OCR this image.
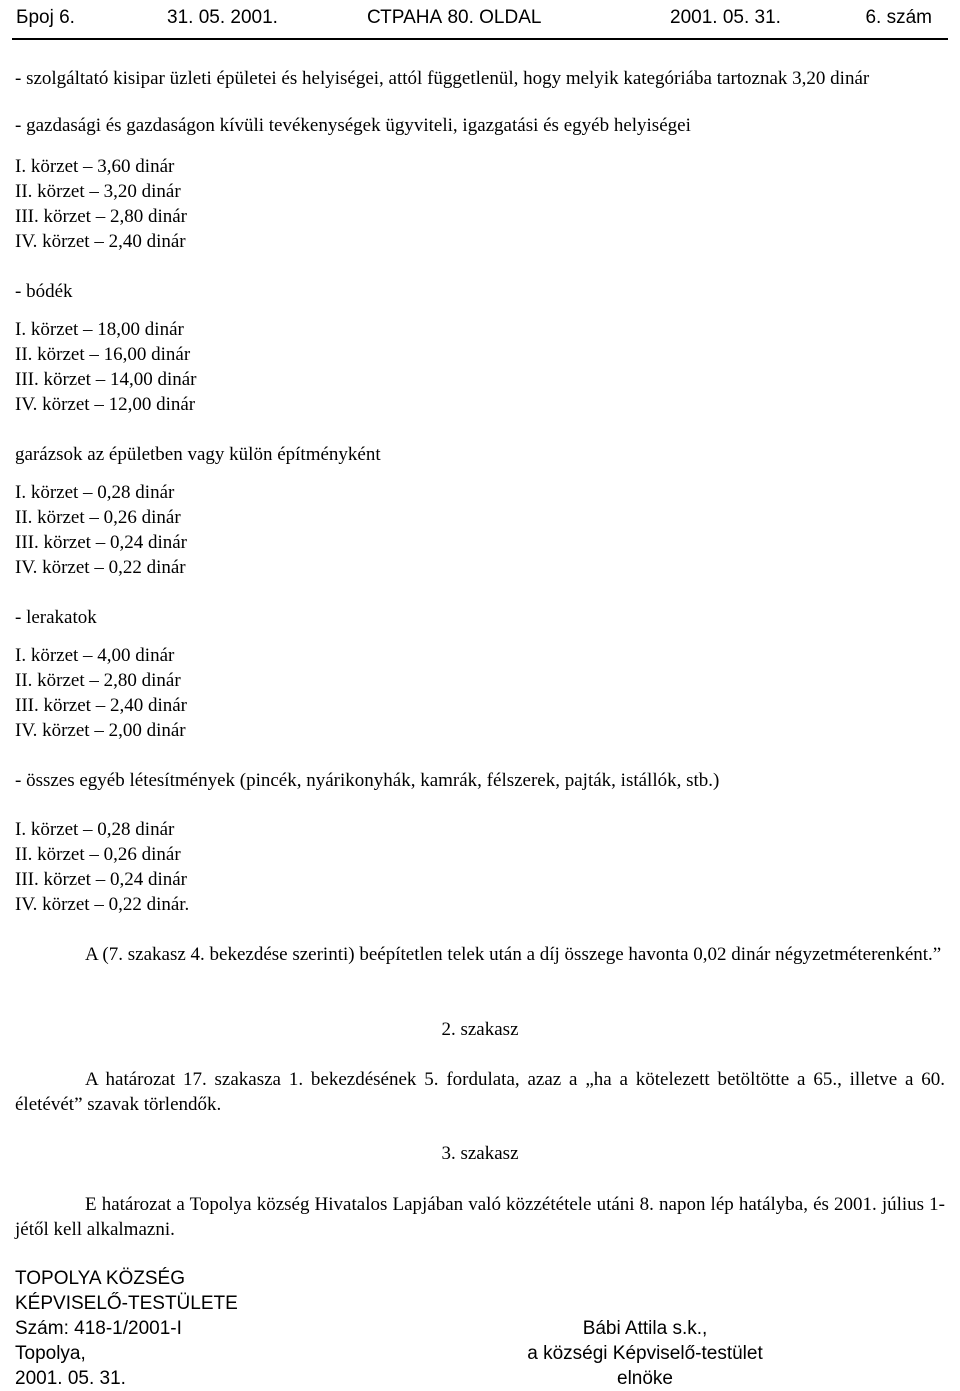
Број 6.	31. 05. 2001.	СТРАНА 80. OLDAL	2001. 05. 31.	6. szám
- szolgáltató kisipar üzleti épületei és helyiségei, attól függetlenül, hogy melyik kategóriába tartoznak 3,20 dinár
- gazdasági és gazdaságon kívüli tevékenységek ügyviteli, igazgatási és egyéb helyiségei
I. körzet – 3,60 dinár
II. körzet – 3,20 dinár
III. körzet – 2,80 dinár
IV. körzet – 2,40 dinár
- bódék
I. körzet – 18,00 dinár
II. körzet – 16,00 dinár
III. körzet – 14,00 dinár
IV. körzet – 12,00 dinár
garázsok az épületben vagy külön építményként
I. körzet – 0,28 dinár
II. körzet – 0,26 dinár
III. körzet – 0,24 dinár
IV. körzet – 0,22 dinár
- lerakatok
I. körzet – 4,00 dinár
II. körzet – 2,80 dinár
III. körzet – 2,40 dinár
IV. körzet – 2,00 dinár
- összes egyéb létesítmények (pincék, nyárikonyhák, kamrák, félszerek, pajták, istállók, stb.)
I. körzet – 0,28 dinár
II. körzet – 0,26 dinár
III. körzet – 0,24 dinár
IV. körzet – 0,22 dinár.
A (7. szakasz 4. bekezdése szerinti) beépítetlen telek után a díj összege havonta 0,02 dinár négyzetméterenként.”
2. szakasz
A határozat 17. szakasza 1. bekezdésének 5. fordulata, azaz a „ha a kötelezett betöltötte a 65., illetve a 60. életévét” szavak törlendők.
3. szakasz
E határozat a Topolya község Hivatalos Lapjában való közzététele utáni 8. napon lép hatályba, és 2001. július 1-jétől kell alkalmazni.
TOPOLYA KÖZSÉG
KÉPVISELŐ-TESTÜLETE
Szám: 418-1/2001-I
Topolya,
2001. 05. 31.
Bábi Attila s.k.,
a községi Képviselő-testület
elnöke
